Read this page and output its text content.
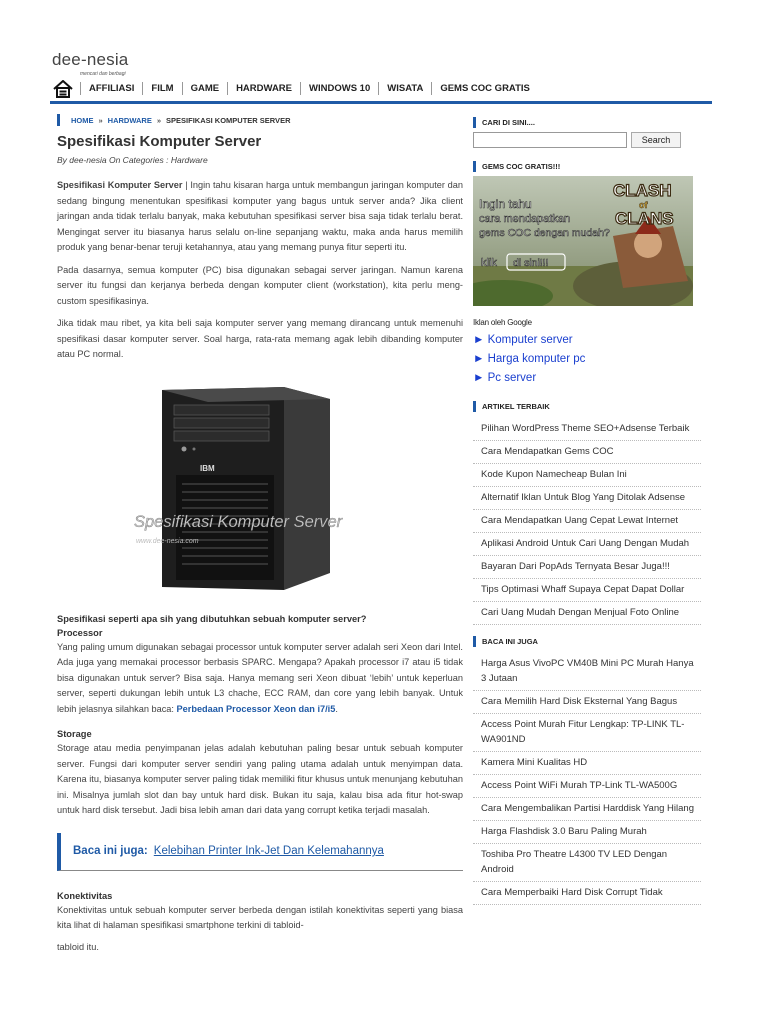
dee-nesia
mencari dan berbagi
AFFILIASI	FILM	GAME	HARDWARE	WINDOWS 10	WISATA	GEMS COC GRATIS
HOME » HARDWARE » SPESIFIKASI KOMPUTER SERVER
Spesifikasi Komputer Server
By dee-nesia On Categories : Hardware

Spesifikasi Komputer Server | Ingin tahu kisaran harga untuk membangun jaringan komputer dan sedang bingung menentukan spesifikasi komputer yang bagus untuk server anda? Jika client jaringan anda tidak terlalu banyak, maka kebutuhan spesifikasi server bisa saja tidak terlalu berat. Mengingat server itu biasanya harus selalu on-line sepanjang waktu, maka anda harus memilih produk yang benar-benar teruji ketahannya, atau yang memang punya fitur seperti itu.

Pada dasarnya, semua komputer (PC) bisa digunakan sebagai server jaringan. Namun karena server itu fungsi dan kerjanya berbeda dengan komputer client (workstation), kita perlu meng-custom spesifikasinya.

Jika tidak mau ribet, ya kita beli saja komputer server yang memang dirancang untuk memenuhi spesifikasi dasar komputer server. Soal harga, rata-rata memang agak lebih dibanding komputer atau PC normal.

IBM
Spesifikasi Komputer Server
www.dee-nesia.com
Spesifikasi seperti apa sih yang dibutuhkan sebuah komputer server?
Processor

Yang paling umum digunakan sebagai processor untuk komputer server adalah seri Xeon dari Intel. Ada juga yang memakai processor berbasis SPARC. Mengapa? Apakah processor i7 atau i5 tidak bisa digunakan untuk server? Bisa saja. Hanya memang seri Xeon dibuat ‘lebih’ untuk keperluan server, seperti dukungan lebih untuk L3 chache, ECC RAM, dan core yang lebih banyak. Untuk lebih jelasnya silahkan baca: Perbedaan Processor Xeon dan i7/i5.

Storage

Storage atau media penyimpanan jelas adalah kebutuhan paling besar untuk sebuah komputer server. Fungsi dari komputer server sendiri yang paling utama adalah untuk menyimpan data. Karena itu, biasanya komputer server paling tidak memiliki fitur khusus untuk menunjang kebutuhan ini. Misalnya jumlah slot dan bay untuk hard disk. Bukan itu saja, kalau bisa ada fitur hot-swap untuk hard disk tersebut. Jadi bisa lebih aman dari data yang corrupt ketika terjadi masalah.

Baca ini juga: Kelebihan Printer Ink-Jet Dan Kelemahannya
Konektivitas

Konektivitas untuk sebuah komputer server berbeda dengan istilah konektivitas seperti yang biasa kita lihat di halaman spesifikasi smartphone terkini di tabloid-

tabloid itu.

CARI DI SINI....
Search
GEMS COC GRATIS!!!
Ingin tahu
cara mendapatkan
gems COC dengan mudah?
klik di sini!!!
CLASH
of
CLANS
Iklan oleh Google
► Komputer server
► Harga komputer pc
► Pc server
ARTIKEL TERBAIK
Pilihan WordPress Theme SEO+Adsense Terbaik
Cara Mendapatkan Gems COC
Kode Kupon Namecheap Bulan Ini
Alternatif Iklan Untuk Blog Yang Ditolak Adsense
Cara Mendapatkan Uang Cepat Lewat Internet
Aplikasi Android Untuk Cari Uang Dengan Mudah
Bayaran Dari PopAds Ternyata Besar Juga!!!
Tips Optimasi Whaff Supaya Cepat Dapat Dollar
Cari Uang Mudah Dengan Menjual Foto Online
BACA INI JUGA
Harga Asus VivoPC VM40B Mini PC Murah Hanya 3 Jutaan
Cara Memilih Hard Disk Eksternal Yang Bagus
Access Point Murah Fitur Lengkap: TP-LINK TL-WA901ND
Kamera Mini Kualitas HD
Access Point WiFi Murah TP-Link TL-WA500G
Cara Mengembalikan Partisi Harddisk Yang Hilang
Harga Flashdisk 3.0 Baru Paling Murah
Toshiba Pro Theatre L4300 TV LED Dengan Android
Cara Memperbaiki Hard Disk Corrupt Tidak
